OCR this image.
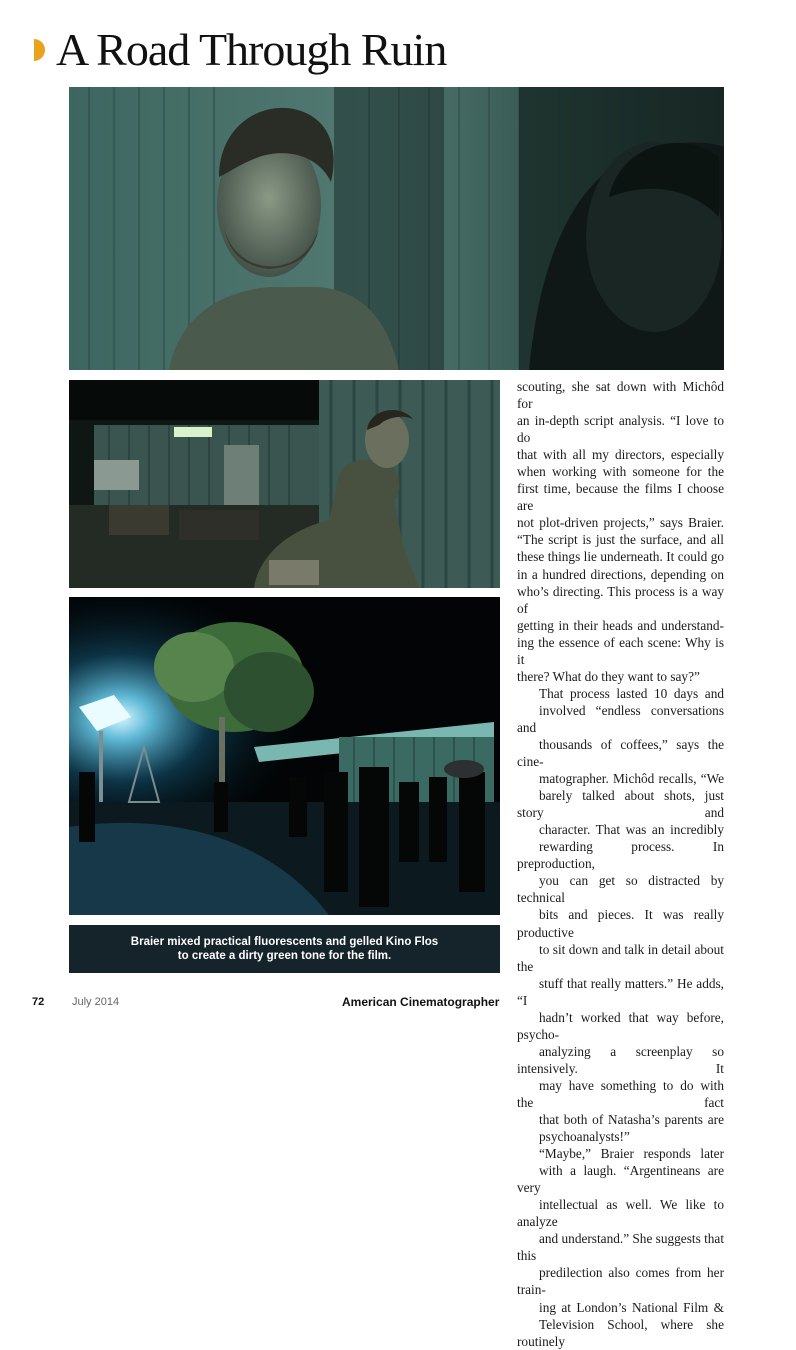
A Road Through Ruin
Braier mixed practical fluorescents and gelled Kino Flos
to create a dirty green tone for the film.

scouting, she sat down with Michôd for
an in-depth script analysis. “I love to do
that with all my directors, especially
when working with someone for the
first time, because the films I choose are
not plot-driven projects,” says Braier.
“The script is just the surface, and all
these things lie underneath. It could go
in a hundred directions, depending on
who’s directing. This process is a way of
getting in their heads and understand-
ing the essence of each scene: Why is it
there? What do they want to say?”

That process lasted 10 days and
involved “endless conversations and
thousands of coffees,” says the cine-
matographer. Michôd recalls, “We
barely talked about shots, just story and
character. That was an incredibly
rewarding process. In preproduction,
you can get so distracted by technical
bits and pieces. It was really productive
to sit down and talk in detail about the
stuff that really matters.” He adds, “I
hadn’t worked that way before, psycho-
analyzing a screenplay so intensively. It
may have something to do with the fact
that both of Natasha’s parents are
psychoanalysts!”

“Maybe,” Braier responds later
with a laugh. “Argentineans are very
intellectual as well. We like to analyze
and understand.” She suggests that this
predilection also comes from her train-
ing at London’s National Film &
Television School, where she routinely

72	July 2014	American Cinematographer
